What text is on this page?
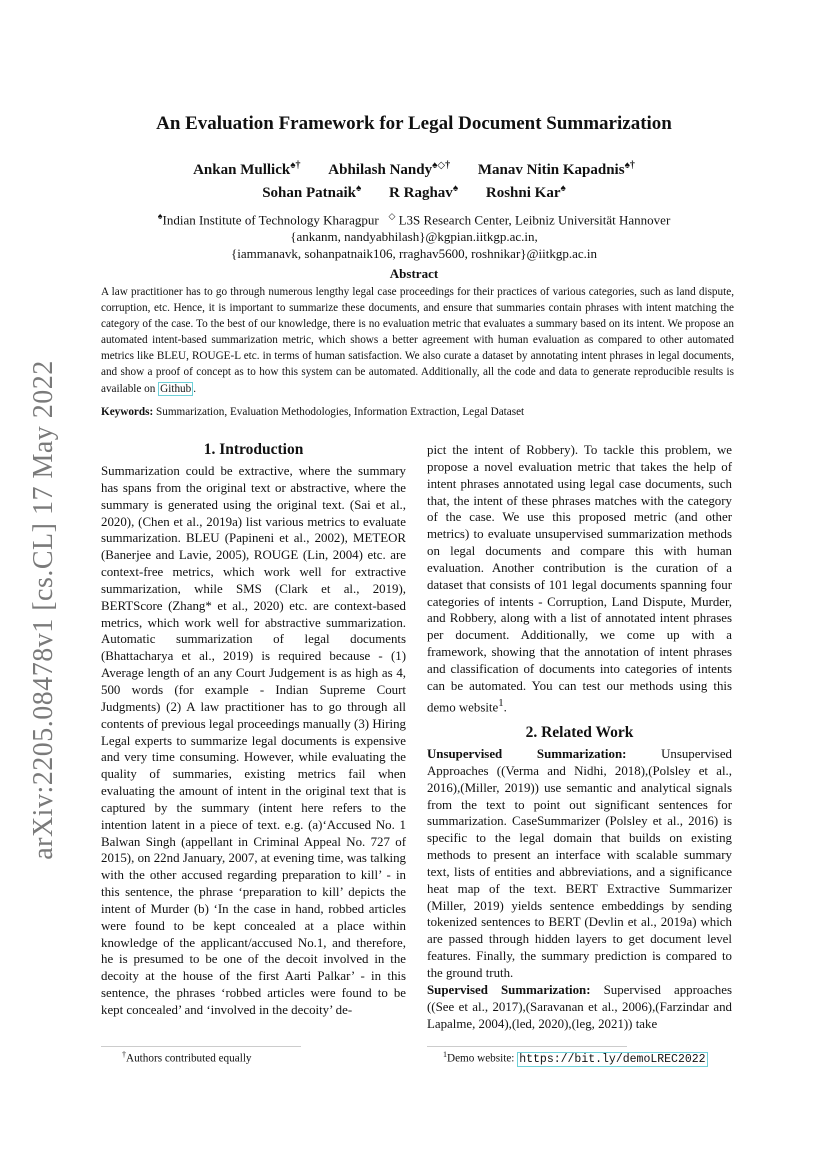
arXiv:2205.08478v1 [cs.CL] 17 May 2022
An Evaluation Framework for Legal Document Summarization
Ankan Mullick♠† Abhilash Nandy♠◇† Manav Nitin Kapadnis♠†
Sohan Patnaik♠ R Raghav♠ Roshni Kar♠
♠Indian Institute of Technology Kharagpur ◇ L3S Research Center, Leibniz Universität Hannover
{ankanm, nandyabhilash}@kgpian.iitkgp.ac.in,
{iammanavk, sohanpatnaik106, rraghav5600, roshnikar}@iitkgp.ac.in
Abstract
A law practitioner has to go through numerous lengthy legal case proceedings for their practices of various categories, such as land dispute, corruption, etc. Hence, it is important to summarize these documents, and ensure that summaries contain phrases with intent matching the category of the case. To the best of our knowledge, there is no evaluation metric that evaluates a summary based on its intent. We propose an automated intent-based summarization metric, which shows a better agreement with human evaluation as compared to other automated metrics like BLEU, ROUGE-L etc. in terms of human satisfaction. We also curate a dataset by annotating intent phrases in legal documents, and show a proof of concept as to how this system can be automated. Additionally, all the code and data to generate reproducible results is available on Github .
Keywords: Summarization, Evaluation Methodologies, Information Extraction, Legal Dataset
1. Introduction

Summarization could be extractive, where the summary has spans from the original text or abstractive, where the summary is generated using the original text. (Sai et al., 2020), (Chen et al., 2019a) list various metrics to evaluate summarization. BLEU (Papineni et al., 2002), METEOR (Banerjee and Lavie, 2005), ROUGE (Lin, 2004) etc. are context-free metrics, which work well for extractive summarization, while SMS (Clark et al., 2019), BERTScore (Zhang* et al., 2020) etc. are context-based metrics, which work well for abstractive summarization. Automatic summarization of legal documents (Bhattacharya et al., 2019) is required because - (1) Average length of an any Court Judgement is as high as 4, 500 words (for example - Indian Supreme Court Judgments) (2) A law practitioner has to go through all contents of previous legal proceedings manually (3) Hiring Legal experts to summarize legal documents is expensive and very time consuming. However, while evaluating the quality of summaries, existing metrics fail when evaluating the amount of intent in the original text that is captured by the summary (intent here refers to the intention latent in a piece of text. e.g. (a)‘Accused No. 1 Balwan Singh (appellant in Criminal Appeal No. 727 of 2015), on 22nd January, 2007, at evening time, was talking with the other accused regarding preparation to kill’ - in this sentence, the phrase ‘preparation to kill’ depicts the intent of Murder (b) ‘In the case in hand, robbed articles were found to be kept concealed at a place within knowledge of the applicant/accused No.1, and therefore, he is presumed to be one of the decoit involved in the decoity at the house of the first Aarti Palkar’ - in this sentence, the phrases ‘robbed articles were found to be kept concealed’ and ‘involved in the decoity’ de-

pict the intent of Robbery). To tackle this problem, we propose a novel evaluation metric that takes the help of intent phrases annotated using legal case documents, such that, the intent of these phrases matches with the category of the case. We use this proposed metric (and other metrics) to evaluate unsupervised summarization methods on legal documents and compare this with human evaluation. Another contribution is the curation of a dataset that consists of 101 legal documents spanning four categories of intents - Corruption, Land Dispute, Murder, and Robbery, along with a list of annotated intent phrases per document. Additionally, we come up with a framework, showing that the annotation of intent phrases and classification of documents into categories of intents can be automated. You can test our methods using this demo website$^1$.

2. Related Work

Unsupervised Summarization:	Unsupervised Approaches ((Verma and Nidhi, 2018),(Polsley et al., 2016),(Miller, 2019)) use semantic and analytical signals from the text to point out significant sentences for summarization. CaseSummarizer (Polsley et al., 2016) is specific to the legal domain that builds on existing methods to present an interface with scalable summary text, lists of entities and abbreviations, and a significance heat map of the text. BERT Extractive Summarizer (Miller, 2019) yields sentence embeddings by sending tokenized sentences to BERT (Devlin et al., 2019a) which are passed through hidden layers to get document level features. Finally, the summary prediction is compared to the ground truth.

Supervised Summarization: Supervised approaches ((See et al., 2017),(Saravanan et al., 2006),(Farzindar and Lapalme, 2004),(led, 2020),(leg, 2021)) take

†Authors contributed equally	$^1$Demo website: https://bit.ly/demoLREC2022
